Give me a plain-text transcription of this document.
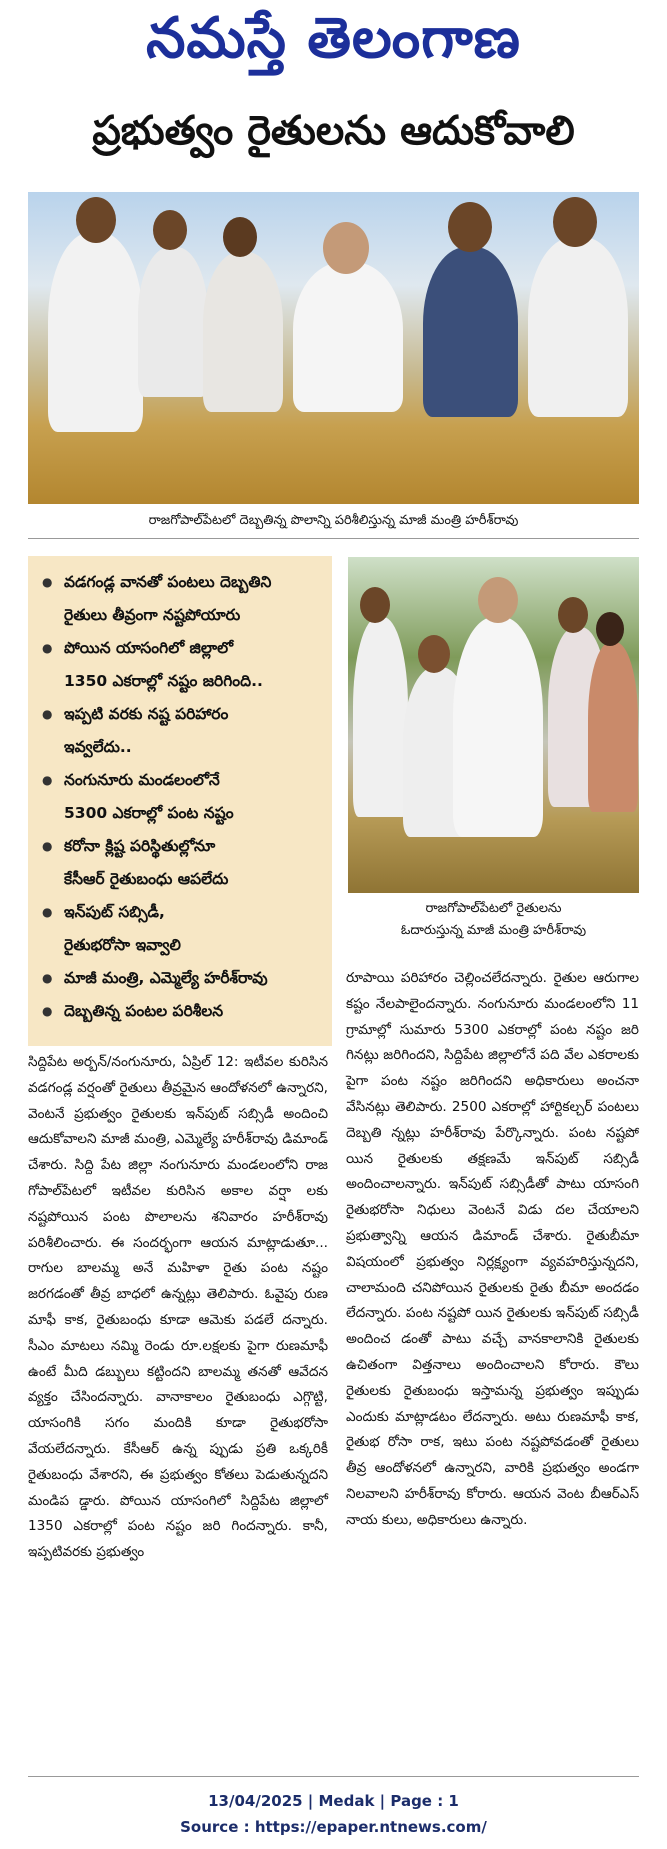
నమస్తే తెలంగాణ
ప్రభుత్వం రైతులను ఆదుకోవాలి
రాజగోపాల్‌పేటలో దెబ్బతిన్న పొలాన్ని పరిశీలిస్తున్న మాజీ మంత్రి హరీశ్‌రావు
● వడగండ్ల వానతో పంటలు దెబ్బతిని
రైతులు తీవ్రంగా నష్టపోయారు
● పోయిన యాసంగిలో జిల్లాలో
1350 ఎకరాల్లో నష్టం జరిగింది..
● ఇప్పటి వరకు నష్ట పరిహారం
ఇవ్వలేదు..
● నంగునూరు మండలంలోనే
5300 ఎకరాల్లో పంట నష్టం
● కరోనా క్లిష్ట పరిస్థితుల్లోనూ
కేసీఆర్ రైతుబంధు ఆపలేదు
● ఇన్‌పుట్ సబ్సిడీ,
రైతుభరోసా ఇవ్వాలి
● మాజీ మంత్రి, ఎమ్మెల్యే హరీశ్‌రావు
● దెబ్బతిన్న పంటల పరిశీలన
రాజగోపాల్‌పేటలో రైతులను
ఓదారుస్తున్న మాజీ మంత్రి హరీశ్‌రావు
సిద్దిపేట అర్బన్/నంగునూరు, ఏప్రిల్ 12: ఇటీవల కురిసిన వడగండ్ల వర్షంతో రైతులు తీవ్రమైన ఆందోళనలో ఉన్నారని, వెంటనే ప్రభుత్వం రైతులకు ఇన్‌పుట్ సబ్సిడీ అందించి ఆదుకోవాలని మాజీ మంత్రి, ఎమ్మెల్యే హరీశ్‌రావు డిమాండ్ చేశారు. సిద్ది పేట జిల్లా నంగునూరు మండలంలోని రాజ గోపాల్‌పేటలో ఇటీవల కురిసిన అకాల వర్షా లకు నష్టపోయిన పంట పొలాలను శనివారం హరీశ్‌రావు పరిశీలించారు. ఈ సందర్భంగా ఆయన మాట్లాడుతూ... రాగుల బాలమ్మ అనే మహిళా రైతు పంట నష్టం జరగడంతో తీవ్ర బాధలో ఉన్నట్లు తెలిపారు. ఓవైపు రుణ మాఫీ కాక, రైతుబంధు కూడా ఆమెకు పడలే దన్నారు. సీఎం మాటలు నమ్మి రెండు రూ.లక్షలకు పైగా రుణమాఫీ ఉంటే మీది డబ్బులు కట్టిందని బాలమ్మ తనతో ఆవేదన వ్యక్తం చేసిందన్నారు. వానాకాలం రైతుబంధు ఎగ్గొట్టి, యాసంగికి సగం మందికి కూడా రైతుభరోసా వేయలేదన్నారు. కేసీఆర్ ఉన్న ప్పుడు ప్రతి ఒక్కరికీ రైతుబంధు వేశారని, ఈ ప్రభుత్వం కోతలు పెడుతున్నదని మండిప డ్డారు. పోయిన యాసంగిలో సిద్దిపేట జిల్లాలో 1350 ఎకరాల్లో పంట నష్టం జరి గిందన్నారు. కానీ, ఇప్పటివరకు ప్రభుత్వం
రూపాయి పరిహారం చెల్లించలేదన్నారు. రైతుల ఆరుగాల కష్టం నేలపాలైందన్నారు. నంగునూరు మండలంలోని 11 గ్రామాల్లో సుమారు 5300 ఎకరాల్లో పంట నష్టం జరి గినట్లు జరిగిందని, సిద్దిపేట జిల్లాలోనే పది వేల ఎకరాలకు పైగా పంట నష్టం జరిగిందని అధికారులు అంచనా వేసినట్లు తెలిపారు. 2500 ఎకరాల్లో హార్టికల్చర్ పంటలు దెబ్బతి న్నట్లు హరీశ్‌రావు పేర్కొన్నారు. పంట నష్టపో యిన రైతులకు తక్షణమే ఇన్‌పుట్ సబ్సిడీ అందించాలన్నారు. ఇన్‌పుట్ సబ్సిడీతో పాటు యాసంగి రైతుభరోసా నిధులు వెంటనే విడు దల చేయాలని ప్రభుత్వాన్ని ఆయన డిమాండ్ చేశారు. రైతుబీమా విషయంలో ప్రభుత్వం నిర్లక్ష్యంగా వ్యవహరిస్తున్నదని, చాలామంది చనిపోయిన రైతులకు రైతు బీమా అందడం లేదన్నారు. పంట నష్టపో యిన రైతులకు ఇన్‌పుట్ సబ్సిడీ అందించ డంతో పాటు వచ్చే వానకాలానికి రైతులకు ఉచితంగా విత్తనాలు అందించాలని కోరారు. కౌలు రైతులకు రైతుబంధు ఇస్తామన్న ప్రభుత్వం ఇప్పుడు ఎందుకు మాట్లాడటం లేదన్నారు. అటు రుణమాఫీ కాక, రైతుభ రోసా రాక, ఇటు పంట నష్టపోవడంతో రైతులు తీవ్ర ఆందోళనలో ఉన్నారని, వారికి ప్రభుత్వం అండగా నిలవాలని హరీశ్‌రావు కోరారు. ఆయన వెంట బీఆర్ఎస్ నాయ కులు, అధికారులు ఉన్నారు.
13/04/2025 | Medak | Page : 1
Source : https://epaper.ntnews.com/
